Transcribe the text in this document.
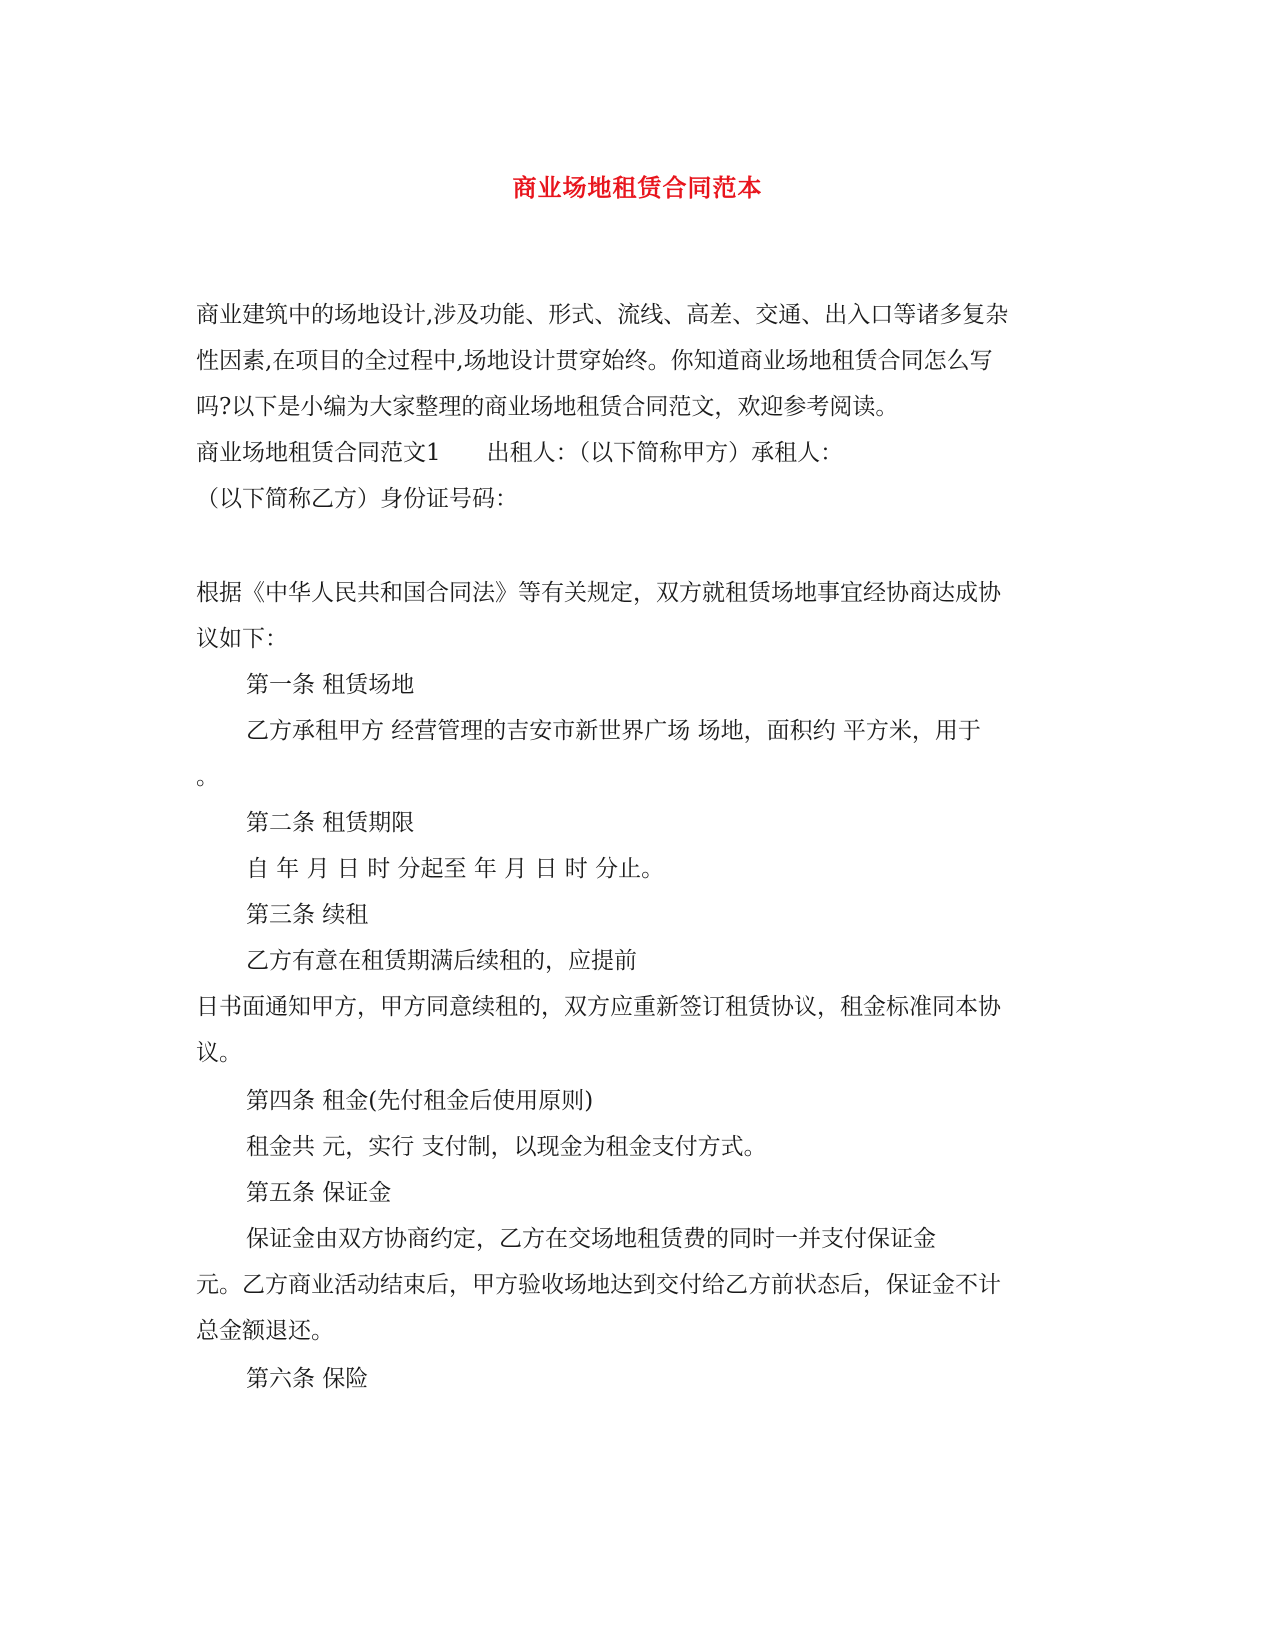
商业场地租赁合同范本
商业建筑中的场地设计,涉及功能、形式、流线、高差、交通、出入口等诸多复杂
性因素,在项目的全过程中,场地设计贯穿始终。你知道商业场地租赁合同怎么写
吗?以下是小编为大家整理的商业场地租赁合同范文，欢迎参考阅读。
商业场地租赁合同范文1　　出租人：（以下简称甲方）承租人：
（以下简称乙方）身份证号码：
根据《中华人民共和国合同法》等有关规定，双方就租赁场地事宜经协商达成协
议如下：
第一条 租赁场地
乙方承租甲方 经营管理的吉安市新世界广场 场地，面积约 平方米，用于
。
第二条 租赁期限
自 年 月 日 时 分起至 年 月 日 时 分止。
第三条 续租
乙方有意在租赁期满后续租的，应提前
日书面通知甲方，甲方同意续租的，双方应重新签订租赁协议，租金标准同本协
议。
第四条 租金(先付租金后使用原则)
租金共 元，实行 支付制，以现金为租金支付方式。
第五条 保证金
保证金由双方协商约定，乙方在交场地租赁费的同时一并支付保证金
元。乙方商业活动结束后，甲方验收场地达到交付给乙方前状态后，保证金不计
总金额退还。
第六条 保险
